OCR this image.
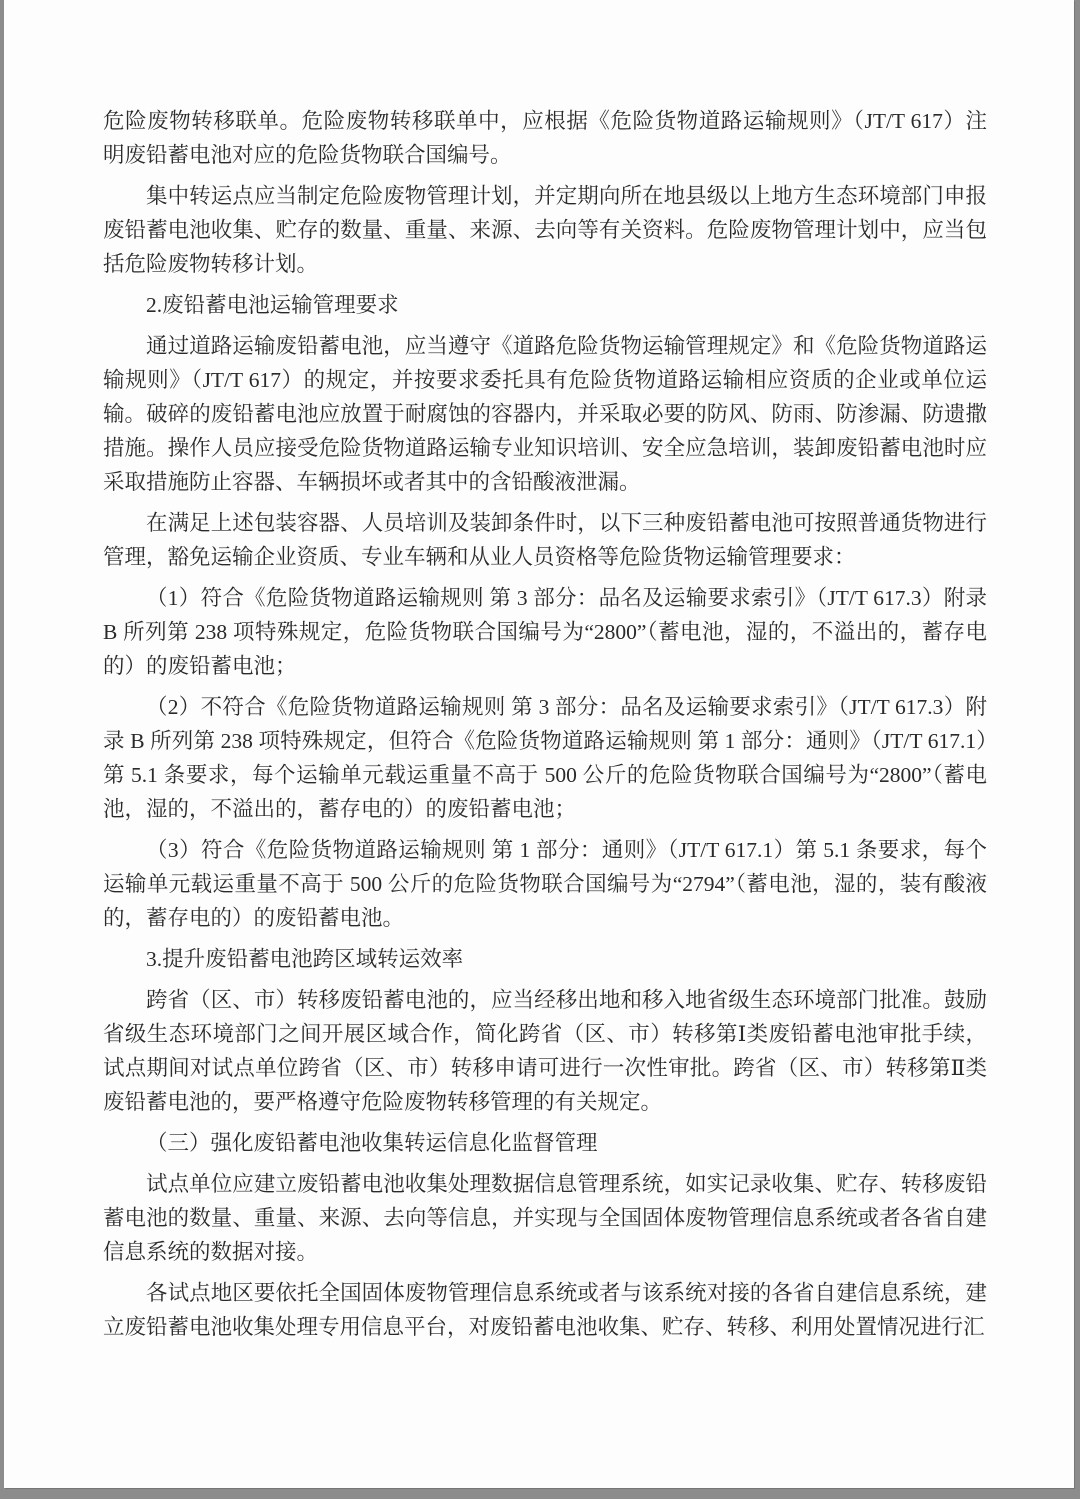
危险废物转移联单。危险废物转移联单中，应根据《危险货物道路运输规则》（JT/T 617）注明废铅蓄电池对应的危险货物联合国编号。

集中转运点应当制定危险废物管理计划，并定期向所在地县级以上地方生态环境部门申报废铅蓄电池收集、贮存的数量、重量、来源、去向等有关资料。危险废物管理计划中，应当包括危险废物转移计划。

2.废铅蓄电池运输管理要求

通过道路运输废铅蓄电池，应当遵守《道路危险货物运输管理规定》和《危险货物道路运输规则》（JT/T 617）的规定，并按要求委托具有危险货物道路运输相应资质的企业或单位运输。破碎的废铅蓄电池应放置于耐腐蚀的容器内，并采取必要的防风、防雨、防渗漏、防遗撒措施。操作人员应接受危险货物道路运输专业知识培训、安全应急培训，装卸废铅蓄电池时应采取措施防止容器、车辆损坏或者其中的含铅酸液泄漏。

在满足上述包装容器、人员培训及装卸条件时，以下三种废铅蓄电池可按照普通货物进行管理，豁免运输企业资质、专业车辆和从业人员资格等危险货物运输管理要求：

（1）符合《危险货物道路运输规则 第 3 部分：品名及运输要求索引》（JT/T 617.3）附录 B 所列第 238 项特殊规定，危险货物联合国编号为“2800”（蓄电池，湿的，不溢出的，蓄存电的）的废铅蓄电池；

（2）不符合《危险货物道路运输规则 第 3 部分：品名及运输要求索引》（JT/T 617.3）附录 B 所列第 238 项特殊规定，但符合《危险货物道路运输规则 第 1 部分：通则》（JT/T 617.1）第 5.1 条要求，每个运输单元载运重量不高于 500 公斤的危险货物联合国编号为“2800”（蓄电池，湿的，不溢出的，蓄存电的）的废铅蓄电池；

（3）符合《危险货物道路运输规则 第 1 部分：通则》（JT/T 617.1）第 5.1 条要求，每个运输单元载运重量不高于 500 公斤的危险货物联合国编号为“2794”（蓄电池，湿的，装有酸液的，蓄存电的）的废铅蓄电池。

3.提升废铅蓄电池跨区域转运效率

跨省（区、市）转移废铅蓄电池的，应当经移出地和移入地省级生态环境部门批准。鼓励省级生态环境部门之间开展区域合作，简化跨省（区、市）转移第Ⅰ类废铅蓄电池审批手续，试点期间对试点单位跨省（区、市）转移申请可进行一次性审批。跨省（区、市）转移第Ⅱ类废铅蓄电池的，要严格遵守危险废物转移管理的有关规定。

（三）强化废铅蓄电池收集转运信息化监督管理

试点单位应建立废铅蓄电池收集处理数据信息管理系统，如实记录收集、贮存、转移废铅蓄电池的数量、重量、来源、去向等信息，并实现与全国固体废物管理信息系统或者各省自建信息系统的数据对接。

各试点地区要依托全国固体废物管理信息系统或者与该系统对接的各省自建信息系统，建立废铅蓄电池收集处理专用信息平台，对废铅蓄电池收集、贮存、转移、利用处置情况进行汇
